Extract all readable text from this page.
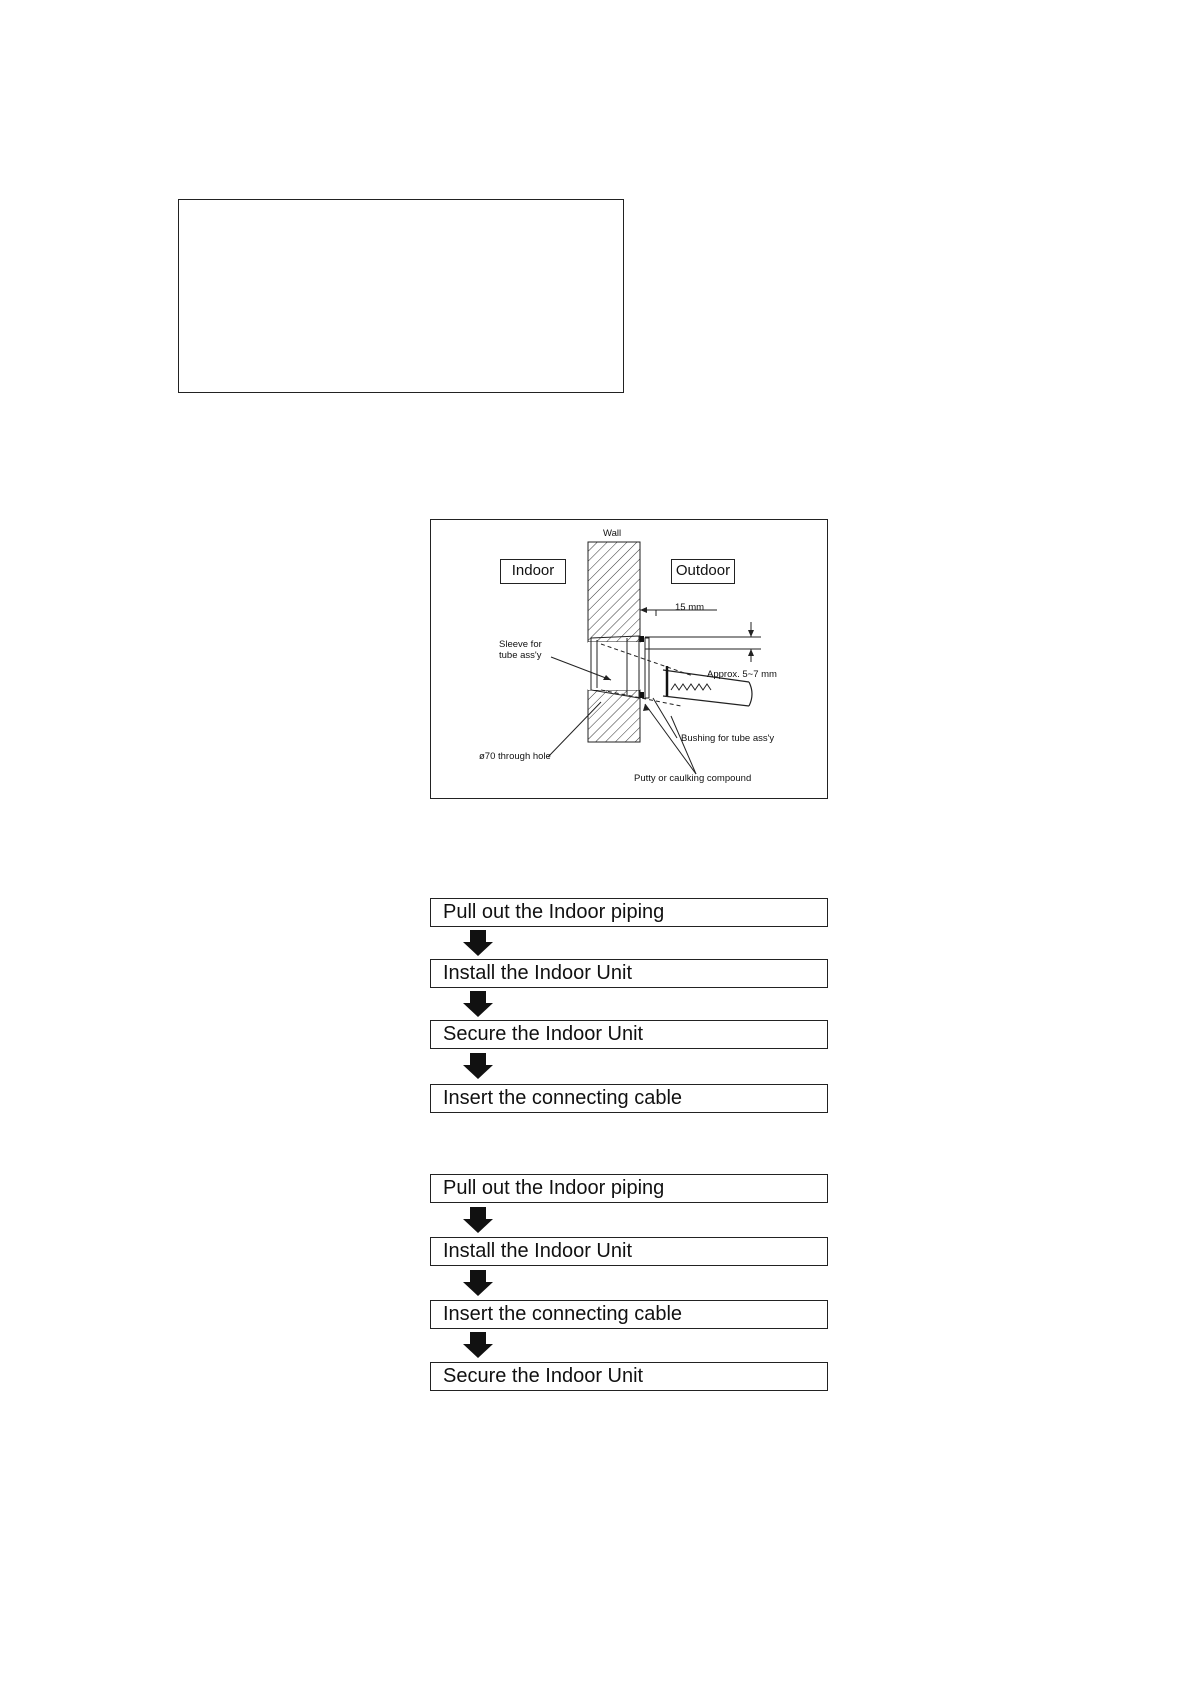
Wall
Indoor	Outdoor
15 mm
Sleeve for
tube ass'y
Approx. 5~7 mm
Bushing for tube ass'y
ø70 through hole
Putty or caulking compound
Pull out the Indoor piping
Install the Indoor Unit
Secure the Indoor Unit
Insert the connecting cable
Pull out the Indoor piping
Install the Indoor Unit
Insert the connecting cable
Secure the Indoor Unit
